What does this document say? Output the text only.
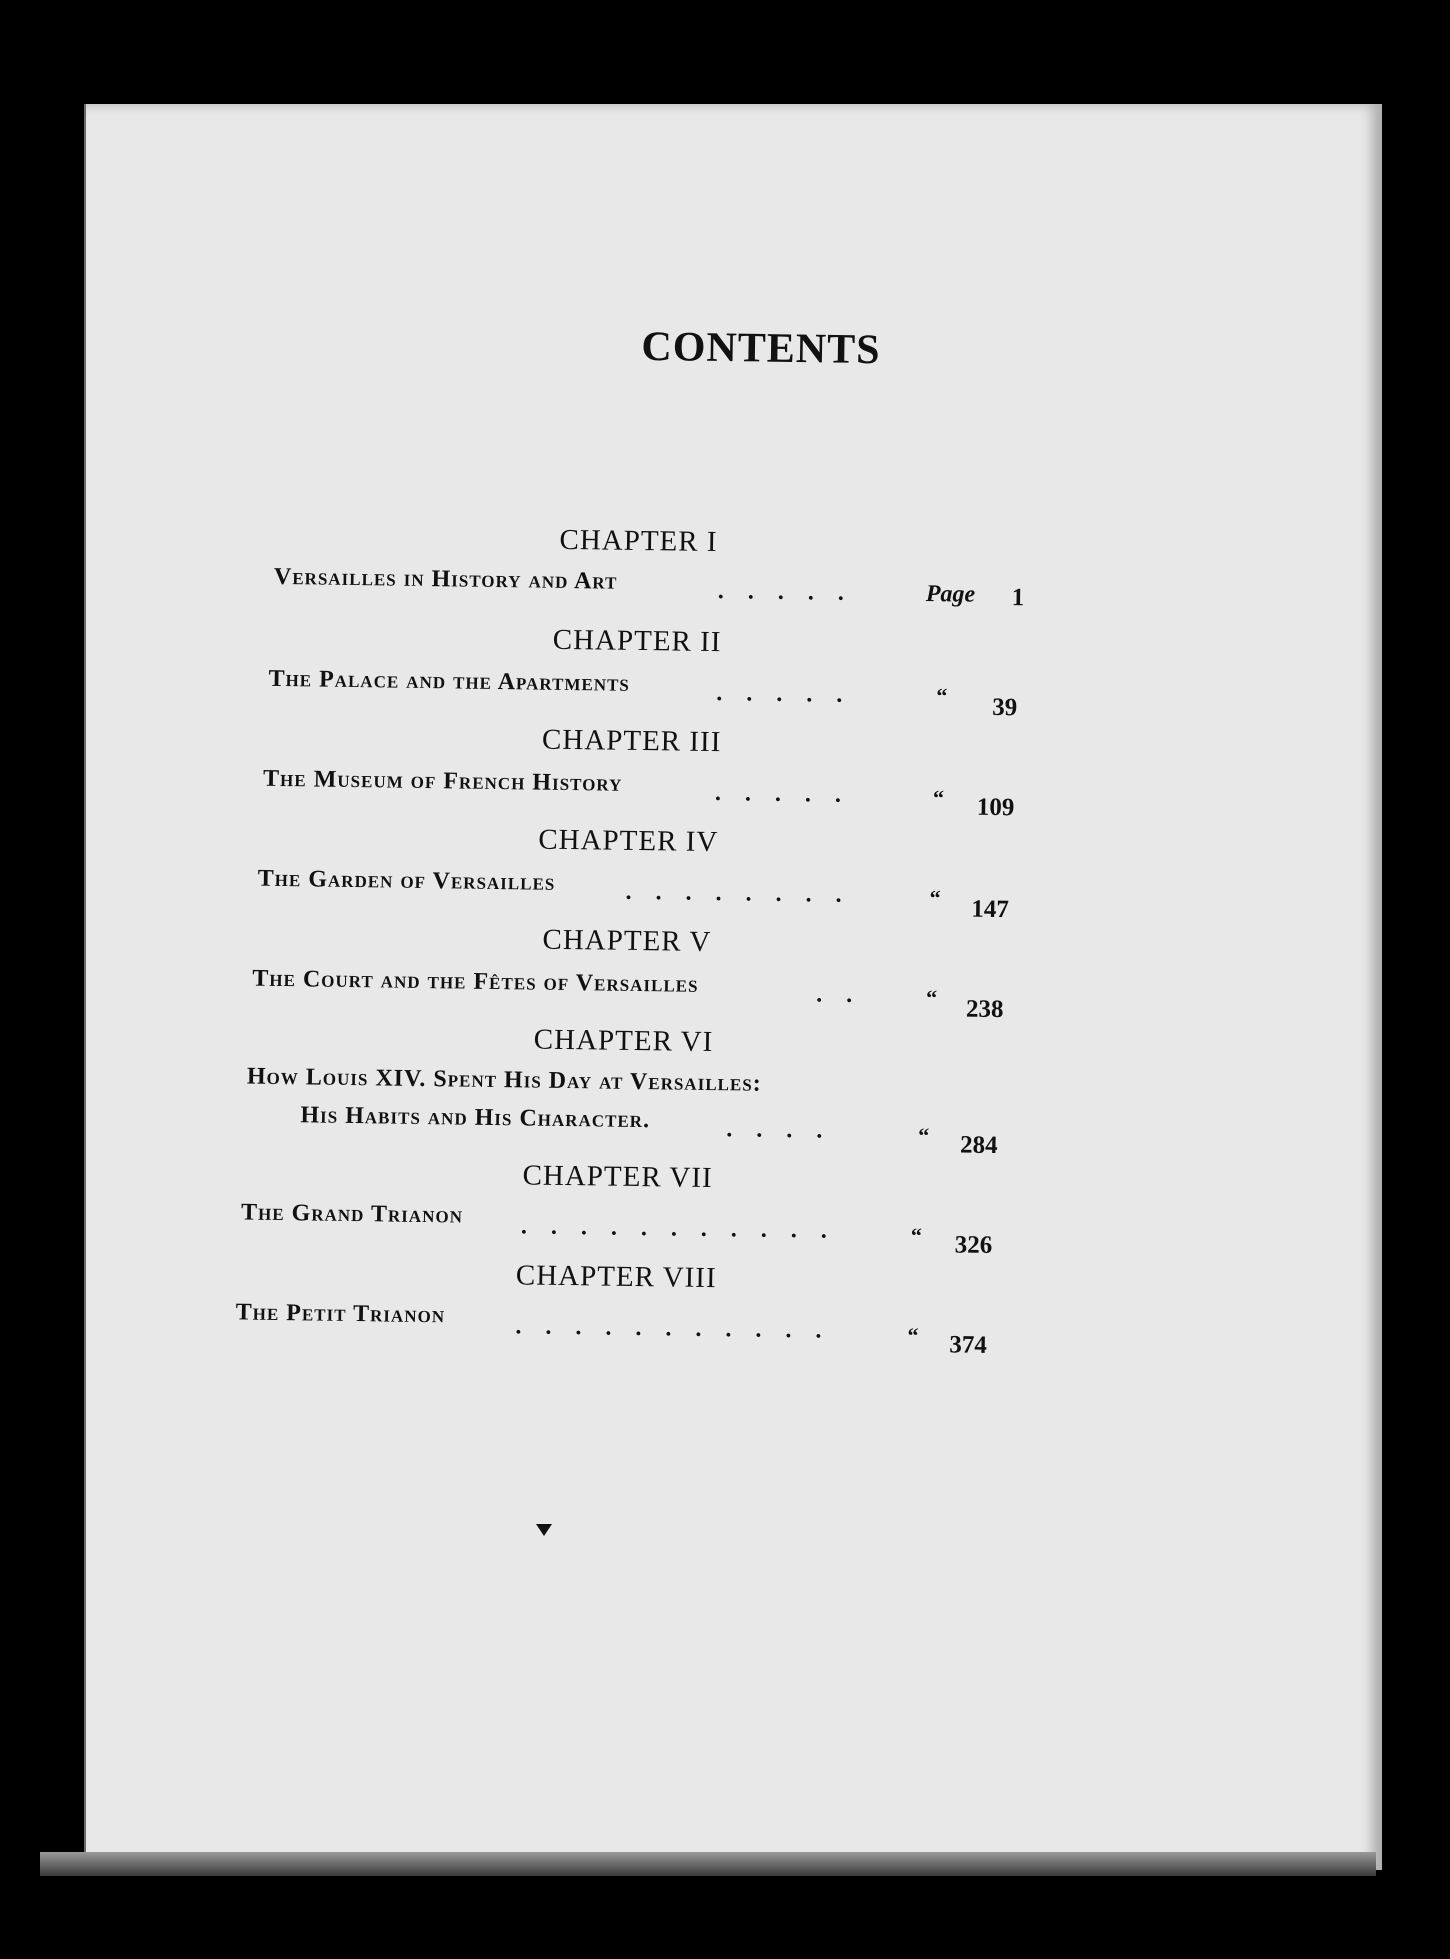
CONTENTS
CHAPTER I
Versailles in History and Art	. . . . .	Page 1
CHAPTER II
The Palace and the Apartments	. . . . .	“ 39
CHAPTER III
The Museum of French History	. . . . .	“ 109
CHAPTER IV
The Garden of Versailles	. . . . . . . .	“ 147
CHAPTER V
The Court and the Fêtes of Versailles	. .	“ 238
CHAPTER VI
How Louis XIV. Spent His Day at Versailles:
His Habits and His Character.	. . . .	“ 284
CHAPTER VII
The Grand Trianon . . . . . . . . . . .	“ 326
CHAPTER VIII
The Petit Trianon	. . . . . . . . . . .	“ 374
